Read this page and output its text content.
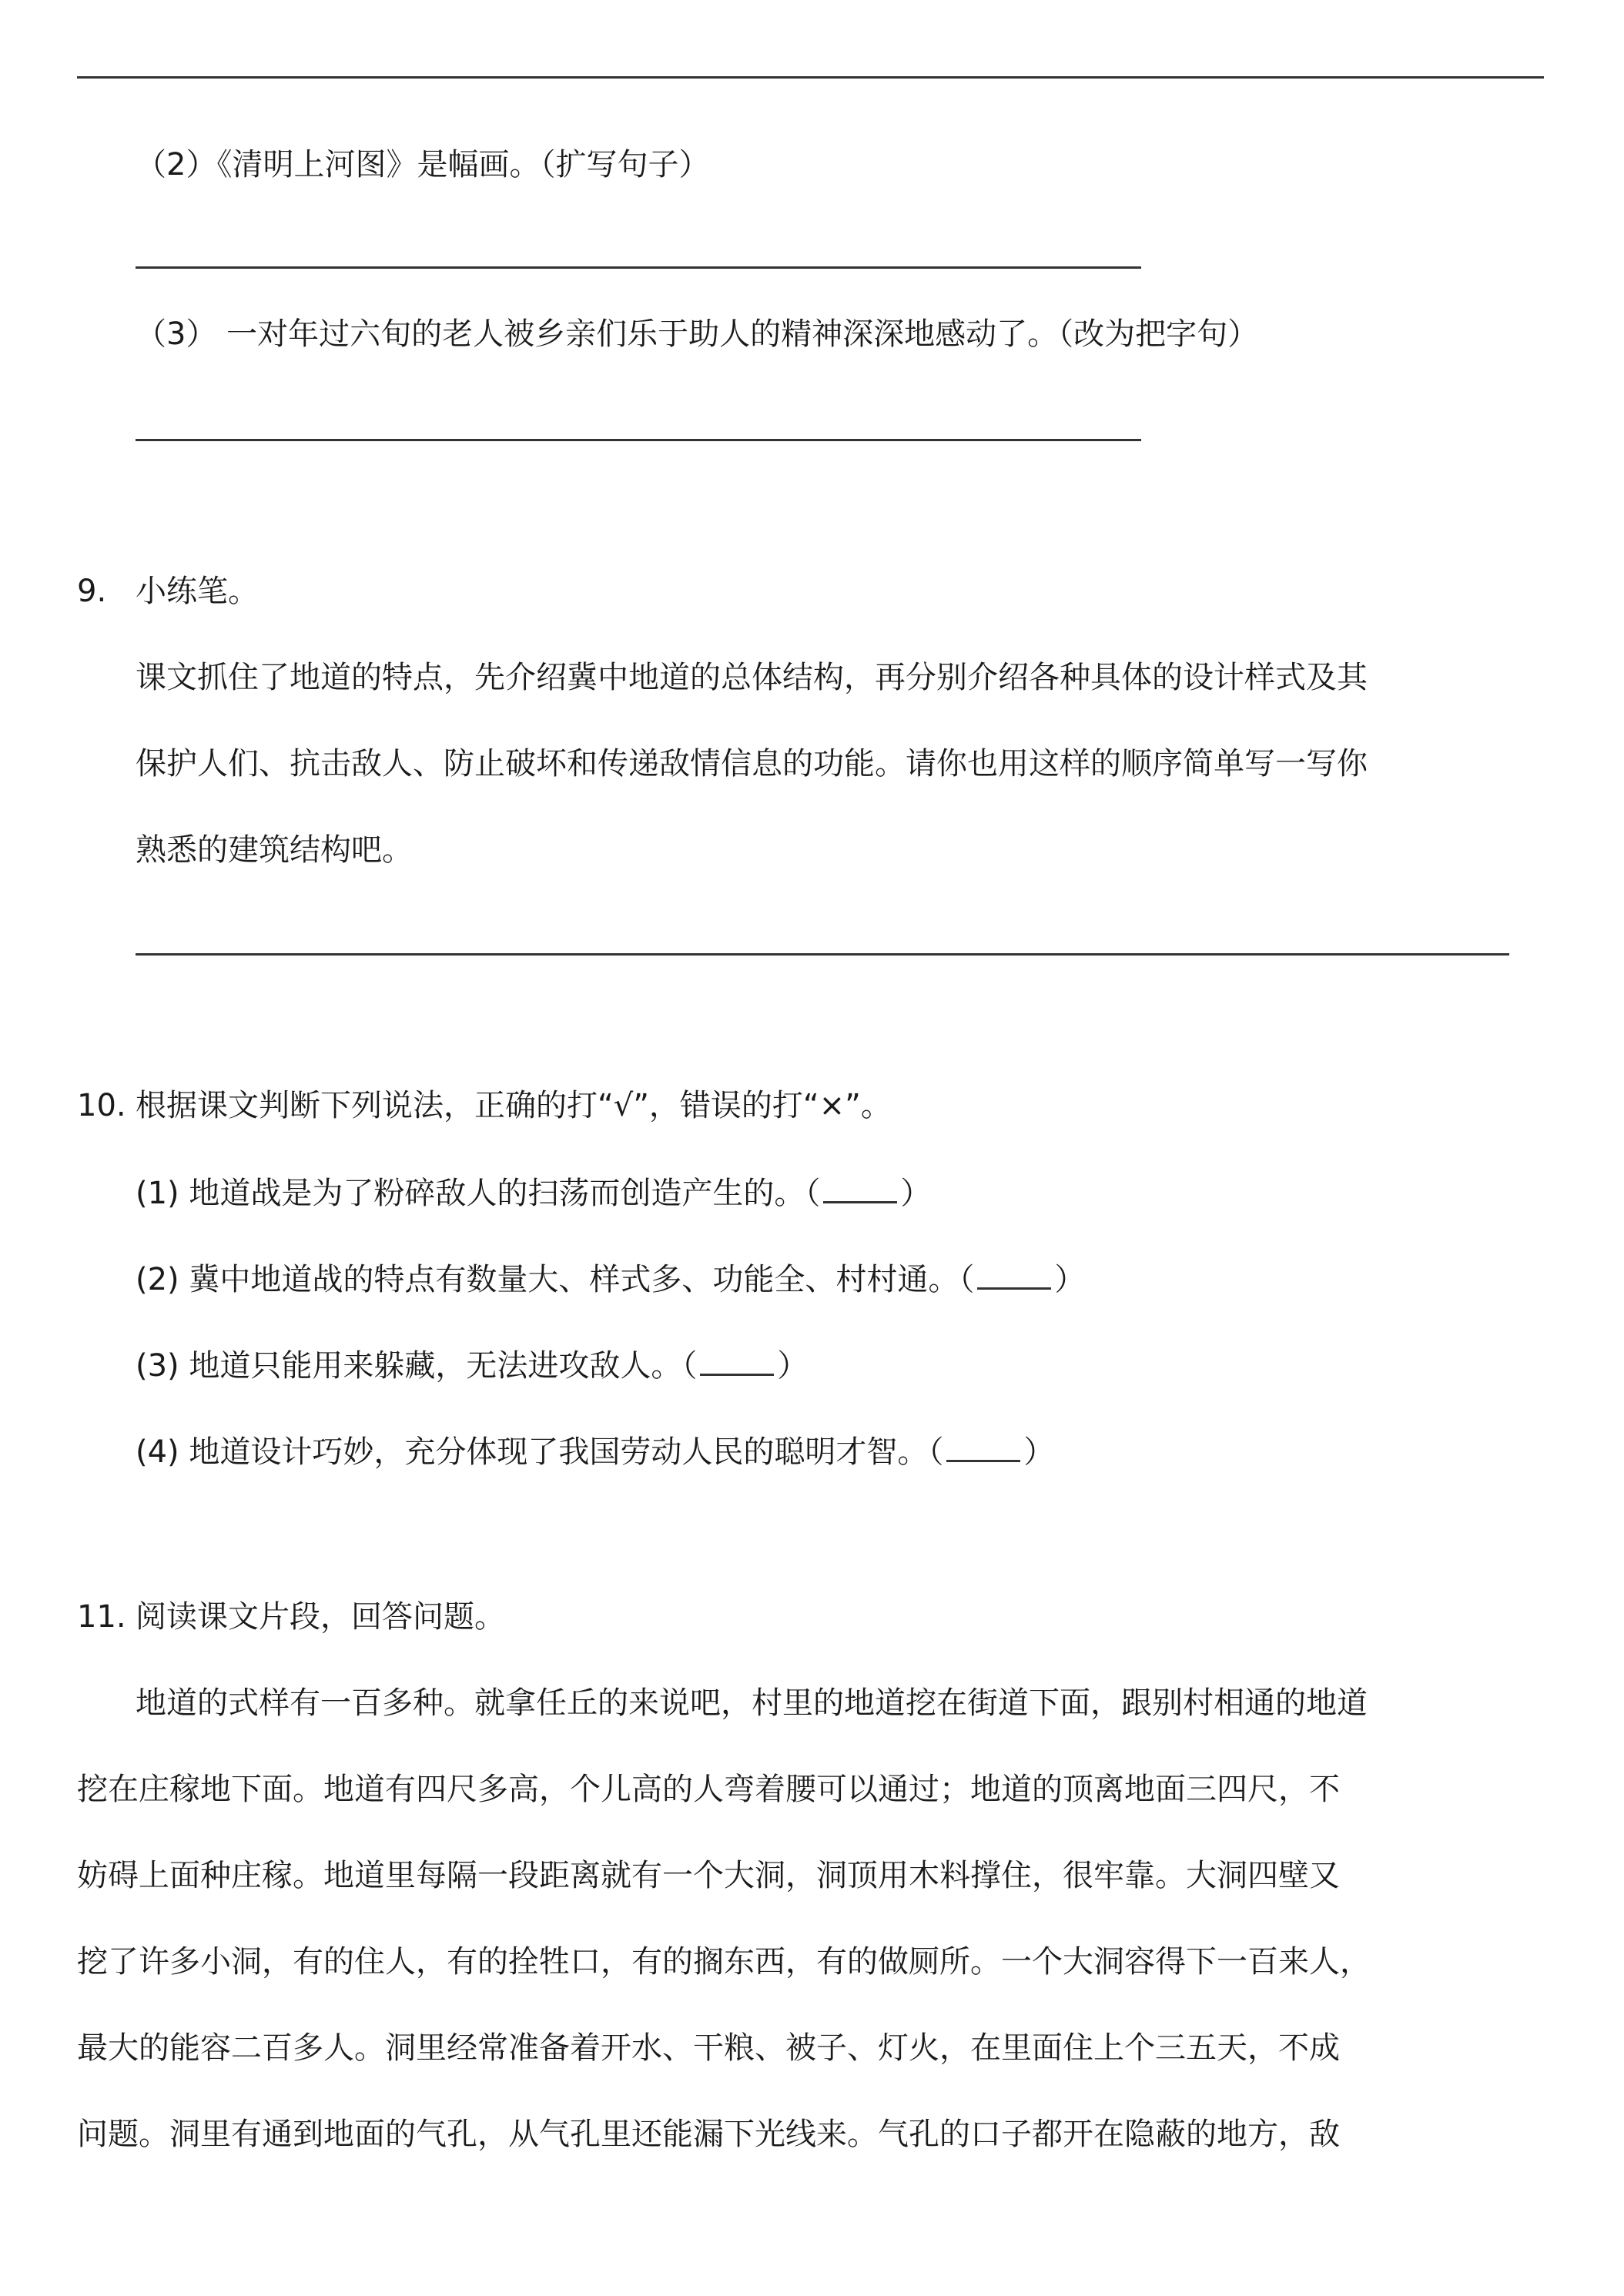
（2）《清明上河图》是幅画。（扩写句子）
（3） 一对年过六旬的老人被乡亲们乐于助人的精神深深地感动了。（改为把字句）
9. 小练笔。
课文抓住了地道的特点，先介绍冀中地道的总体结构，再分别介绍各种具体的设计样式及其
保护人们、抗击敌人、防止破坏和传递敌情信息的功能。请你也用这样的顺序简单写一写你
熟悉的建筑结构吧。
10. 根据课文判断下列说法，正确的打“√”，错误的打“×”。
(1) 地道战是为了粉碎敌人的扫荡而创造产生的。（	）
(2) 冀中地道战的特点有数量大、样式多、功能全、村村通。（	）
(3) 地道只能用来躲藏，无法进攻敌人。（	）
(4) 地道设计巧妙，充分体现了我国劳动人民的聪明才智。（	）
11. 阅读课文片段，回答问题。
地道的式样有一百多种。就拿任丘的来说吧，村里的地道挖在街道下面，跟别村相通的地道
挖在庄稼地下面。地道有四尺多高，个儿高的人弯着腰可以通过；地道的顶离地面三四尺，不
妨碍上面种庄稼。地道里每隔一段距离就有一个大洞，洞顶用木料撑住，很牢靠。大洞四壁又
挖了许多小洞，有的住人，有的拴牲口，有的搁东西，有的做厕所。一个大洞容得下一百来人，
最大的能容二百多人。洞里经常准备着开水、干粮、被子、灯火，在里面住上个三五天，不成
问题。洞里有通到地面的气孔，从气孔里还能漏下光线来。气孔的口子都开在隐蔽的地方，敌
